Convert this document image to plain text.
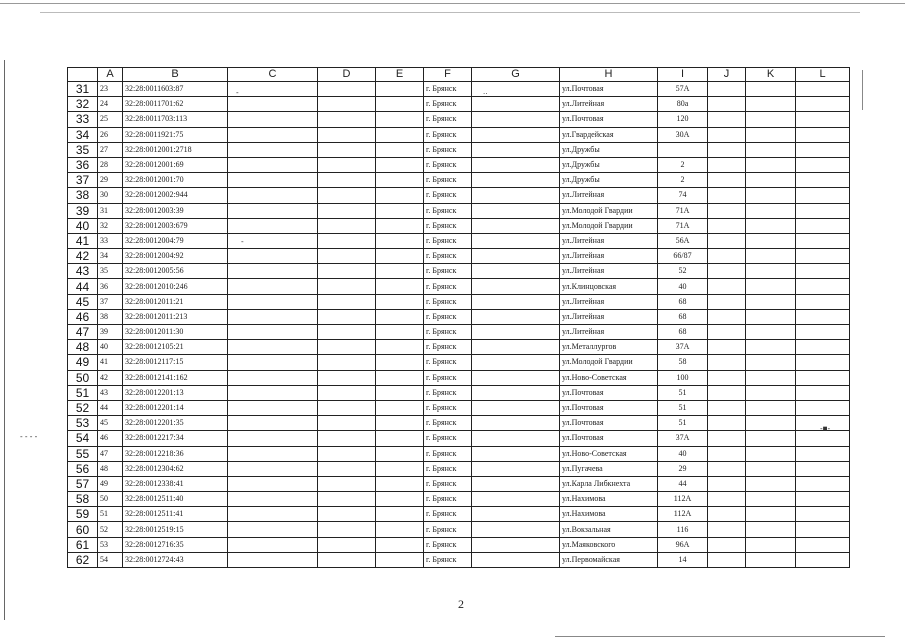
	A	B	C	D	E	F	G	H	I	J	K	L
31	23	32:28:0011603:87				г. Брянск		ул.Почтовая	57А			
32	24	32:28:0011701:62				г. Брянск		ул.Литейная	80а			
33	25	32:28:0011703:113				г. Брянск		ул.Почтовая	120			
34	26	32:28:0011921:75				г. Брянск		ул.Гвардейская	30А			
35	27	32:28:0012001:2718				г. Брянск		ул.Дружбы				
36	28	32:28:0012001:69				г. Брянск		ул.Дружбы	2			
37	29	32:28:0012001:70				г. Брянск		ул.Дружбы	2			
38	30	32:28:0012002:944				г. Брянск		ул.Литейная	74			
39	31	32:28:0012003:39				г. Брянск		ул.Молодой Гвардии	71А			
40	32	32:28:0012003:679				г. Брянск		ул.Молодой Гвардии	71А			
41	33	32:28:0012004:79				г. Брянск		ул.Литейная	56А			
42	34	32:28:0012004:92				г. Брянск		ул.Литейная	66/87			
43	35	32:28:0012005:56				г. Брянск		ул.Литейная	52			
44	36	32:28:0012010:246				г. Брянск		ул.Клинцовская	40			
45	37	32:28:0012011:21				г. Брянск		ул.Литейная	68			
46	38	32:28:0012011:213				г. Брянск		ул.Литейная	68			
47	39	32:28:0012011:30				г. Брянск		ул.Литейная	68			
48	40	32:28:0012105:21				г. Брянск		ул.Металлургов	37А			
49	41	32:28:0012117:15				г. Брянск		ул.Молодой Гвардии	58			
50	42	32:28:0012141:162				г. Брянск		ул.Ново-Советская	100			
51	43	32:28:0012201:13				г. Брянск		ул.Почтовая	51			
52	44	32:28:0012201:14				г. Брянск		ул.Почтовая	51			
53	45	32:28:0012201:35				г. Брянск		ул.Почтовая	51			
54	46	32:28:0012217:34				г. Брянск		ул.Почтовая	37А			
55	47	32:28:0012218:36				г. Брянск		ул.Ново-Советская	40			
56	48	32:28:0012304:62				г. Брянск		ул.Пугачева	29			
57	49	32:28:0012338:41				г. Брянск		ул.Карла Либкнехта	44			
58	50	32:28:0012511:40				г. Брянск		ул.Нахимова	112А			
59	51	32:28:0012511:41				г. Брянск		ул.Нахимова	112А			
60	52	32:28:0012519:15				г. Брянск		ул.Вокзальная	116			
61	53	32:28:0012716:35				г. Брянск		ул.Маяковского	96А			
62	54	32:28:0012724:43				г. Брянск		ул.Первомайская	14			
2
-	..
-
- - - -
-■-
